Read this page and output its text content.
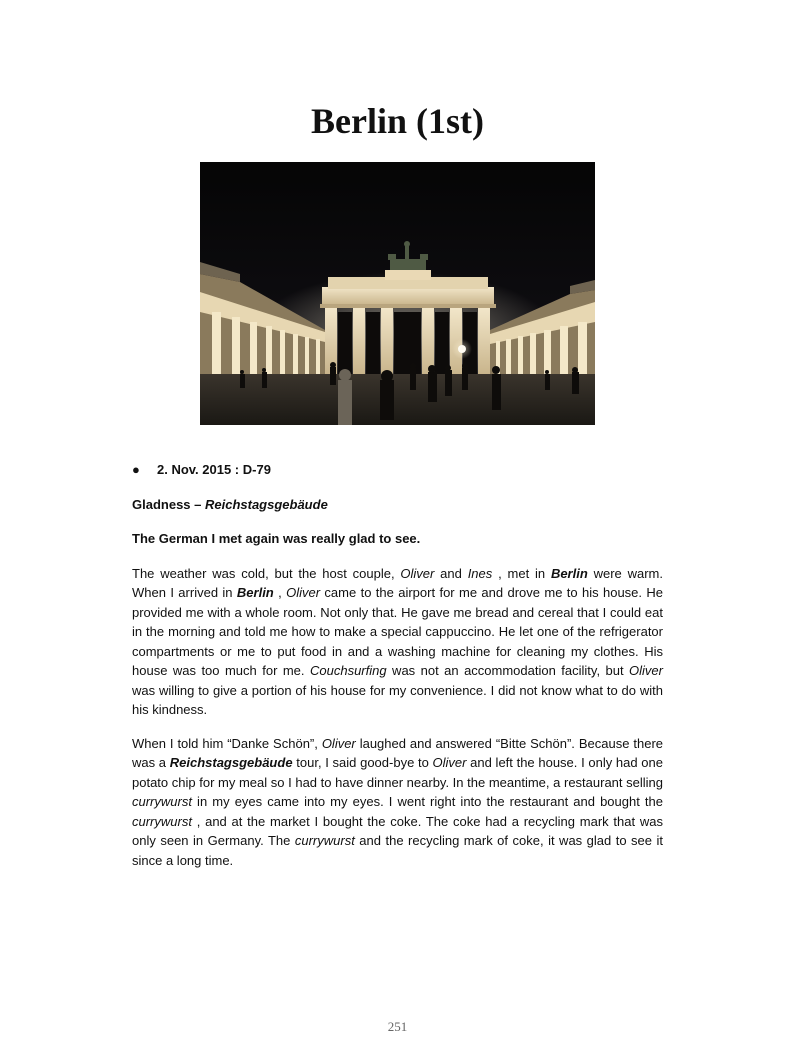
Berlin (1st)
● 2. Nov. 2015 : D-79
Gladness – Reichstagsgebäude
The German I met again was really glad to see.

The weather was cold, but the host couple, Oliver and Ines , met in Berlin were warm. When I arrived in Berlin , Oliver came to the airport for me and drove me to his house. He provided me with a whole room. Not only that. He gave me bread and cereal that I could eat in the morning and told me how to make a special cappuccino. He let one of the refrigerator compartments or me to put food in and a washing machine for cleaning my clothes. His house was too much for me. Couchsurfing was not an accommodation facility, but Oliver was willing to give a portion of his house for my convenience. I did not know what to do with his kindness.

When I told him “Danke Schön”, Oliver laughed and answered “Bitte Schön”. Because there was a Reichstagsgebäude tour, I said good-bye to Oliver and left the house. I only had one potato chip for my meal so I had to have dinner nearby. In the meantime, a restaurant selling currywurst in my eyes came into my eyes. I went right into the restaurant and bought the currywurst , and at the market I bought the coke. The coke had a recycling mark that was only seen in Germany. The currywurst and the recycling mark of coke, it was glad to see it since a long time.

251
